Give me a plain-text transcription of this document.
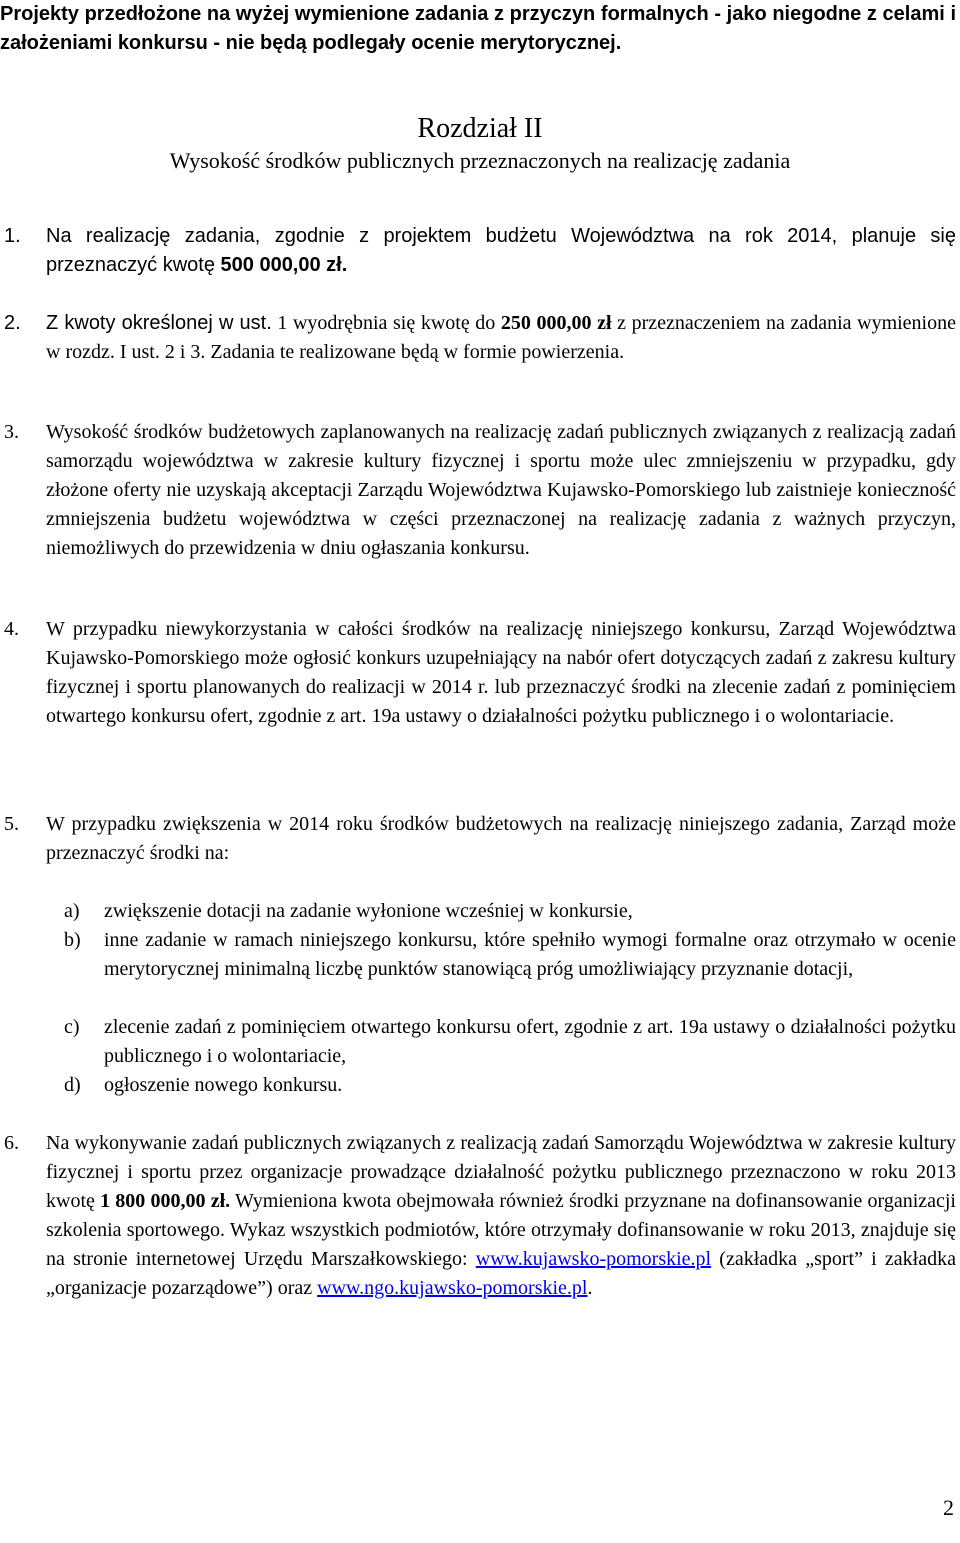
Projekty przedłożone na wyżej wymienione zadania z przyczyn formalnych - jako niegodne z celami i założeniami konkursu - nie będą podlegały ocenie merytorycznej.

Rozdział II
Wysokość środków publicznych przeznaczonych na realizację zadania

1.	Na realizację zadania, zgodnie z projektem budżetu Województwa na rok 2014, planuje się przeznaczyć kwotę 500 000,00 zł.

2.	Z kwoty określonej w ust. 1 wyodrębnia się kwotę do 250 000,00 zł z przeznaczeniem na zadania wymienione w rozdz. I ust. 2 i 3. Zadania te realizowane będą w formie powierzenia.

3.	Wysokość środków budżetowych zaplanowanych na realizację zadań publicznych związanych z realizacją zadań samorządu województwa w zakresie kultury fizycznej i sportu może ulec zmniejszeniu w przypadku, gdy złożone oferty nie uzyskają akceptacji Zarządu Województwa Kujawsko-Pomorskiego lub zaistnieje konieczność zmniejszenia budżetu województwa w części przeznaczonej na realizację zadania z ważnych przyczyn, niemożliwych do przewidzenia w dniu ogłaszania konkursu.

4.	W przypadku niewykorzystania w całości środków na realizację niniejszego konkursu, Zarząd Województwa Kujawsko-Pomorskiego może ogłosić konkurs uzupełniający na nabór ofert dotyczących zadań z zakresu kultury fizycznej i sportu planowanych do realizacji w 2014 r. lub przeznaczyć środki na zlecenie zadań z pominięciem otwartego konkursu ofert, zgodnie z art. 19a ustawy o działalności pożytku publicznego i o wolontariacie.

5.	W przypadku zwiększenia w 2014 roku środków budżetowych na realizację niniejszego zadania, Zarząd może przeznaczyć środki na:

a)	zwiększenie dotacji na zadanie wyłonione wcześniej w konkursie,

b)	inne zadanie w ramach niniejszego konkursu, które spełniło wymogi formalne oraz otrzymało w ocenie merytorycznej minimalną liczbę punktów stanowiącą próg umożliwiający przyznanie dotacji,

c)	zlecenie zadań z pominięciem otwartego konkursu ofert, zgodnie z art. 19a ustawy o działalności pożytku publicznego i o wolontariacie,

d)	ogłoszenie nowego konkursu.

6.	Na wykonywanie zadań publicznych związanych z realizacją zadań Samorządu Województwa w zakresie kultury fizycznej i sportu przez organizacje prowadzące działalność pożytku publicznego przeznaczono w roku 2013 kwotę 1 800 000,00 zł. Wymieniona kwota obejmowała również środki przyznane na dofinansowanie organizacji szkolenia sportowego. Wykaz wszystkich podmiotów, które otrzymały dofinansowanie w roku 2013, znajduje się na stronie internetowej Urzędu Marszałkowskiego: www.kujawsko-pomorskie.pl (zakładka „sport” i zakładka „organizacje pozarządowe”) oraz www.ngo.kujawsko-pomorskie.pl.

2
